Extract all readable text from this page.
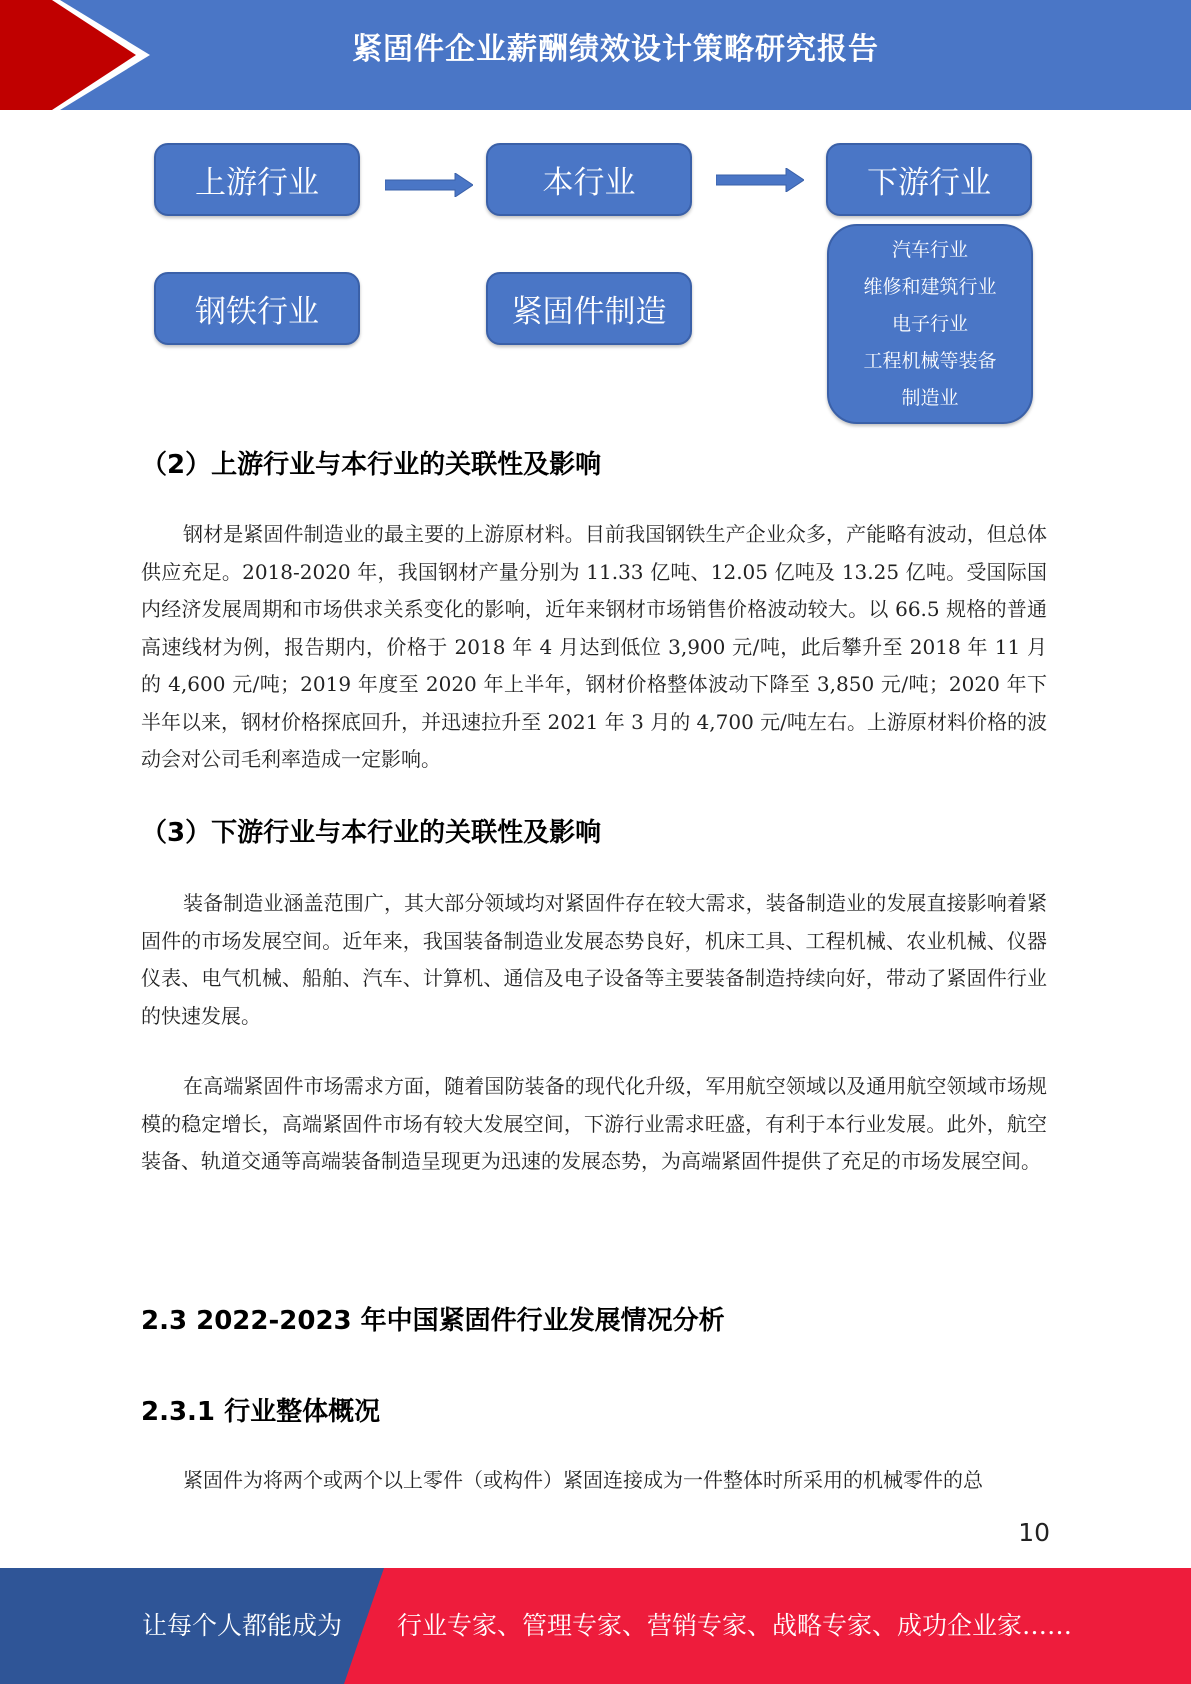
紧固件企业薪酬绩效设计策略研究报告
上游行业	本行业	下游行业
钢铁行业	紧固件制造
汽车行业
维修和建筑行业
电子行业
工程机械等装备
制造业
（2）上游行业与本行业的关联性及影响
钢材是紧固件制造业的最主要的上游原材料。目前我国钢铁生产企业众多，产能略有波动，但总体供应充足。2018-2020 年，我国钢材产量分别为 11.33 亿吨、12.05 亿吨及 13.25 亿吨。受国际国内经济发展周期和市场供求关系变化的影响，近年来钢材市场销售价格波动较大。以 66.5 规格的普通高速线材为例，报告期内，价格于 2018 年 4 月达到低位 3,900 元/吨，此后攀升至 2018 年 11 月的 4,600 元/吨；2019 年度至 2020 年上半年，钢材价格整体波动下降至 3,850 元/吨；2020 年下半年以来，钢材价格探底回升，并迅速拉升至 2021 年 3 月的 4,700 元/吨左右。上游原材料价格的波动会对公司毛利率造成一定影响。
（3）下游行业与本行业的关联性及影响
装备制造业涵盖范围广，其大部分领域均对紧固件存在较大需求，装备制造业的发展直接影响着紧固件的市场发展空间。近年来，我国装备制造业发展态势良好，机床工具、工程机械、农业机械、仪器仪表、电气机械、船舶、汽车、计算机、通信及电子设备等主要装备制造持续向好，带动了紧固件行业的快速发展。
在高端紧固件市场需求方面，随着国防装备的现代化升级，军用航空领域以及通用航空领域市场规模的稳定增长，高端紧固件市场有较大发展空间，下游行业需求旺盛，有利于本行业发展。此外，航空装备、轨道交通等高端装备制造呈现更为迅速的发展态势，为高端紧固件提供了充足的市场发展空间。
2.3 2022-2023 年中国紧固件行业发展情况分析
2.3.1 行业整体概况
紧固件为将两个或两个以上零件（或构件）紧固连接成为一件整体时所采用的机械零件的总
10
让每个人都能成为 行业专家、管理专家、营销专家、战略专家、成功企业家……
